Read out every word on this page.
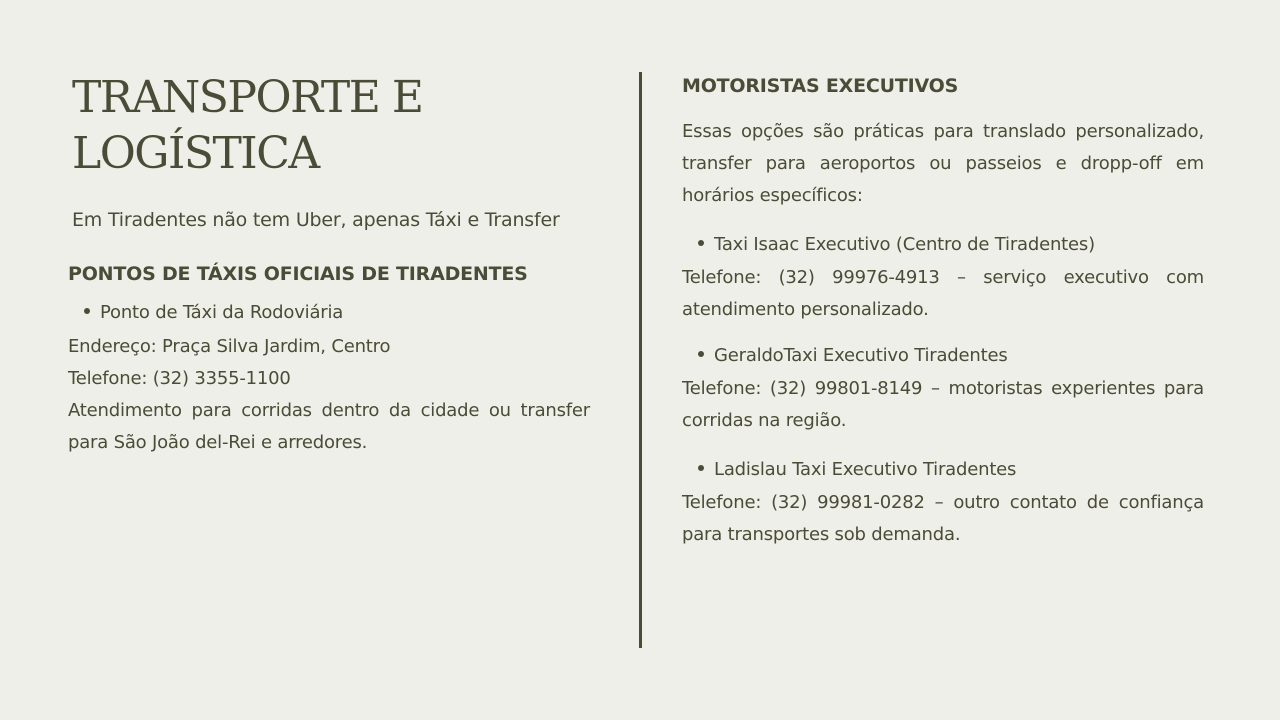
TRANSPORTE E LOGÍSTICA
Em Tiradentes não tem Uber, apenas Táxi e Transfer
PONTOS DE TÁXIS OFICIAIS DE TIRADENTES
Ponto de Táxi da Rodoviária
Endereço: Praça Silva Jardim, Centro
Telefone: (32) 3355-1100
Atendimento para corridas dentro da cidade ou transfer para São João del-Rei e arredores.
MOTORISTAS EXECUTIVOS
Essas opções são práticas para translado personalizado, transfer para aeroportos ou passeios e dropp-off em horários específicos:
Taxi Isaac Executivo (Centro de Tiradentes)
Telefone: (32) 99976-4913 – serviço executivo com atendimento personalizado.
GeraldoTaxi Executivo Tiradentes
Telefone: (32) 99801-8149 – motoristas experientes para corridas na região.
Ladislau Taxi Executivo Tiradentes
Telefone: (32) 99981-0282 – outro contato de confiança para transportes sob demanda.
